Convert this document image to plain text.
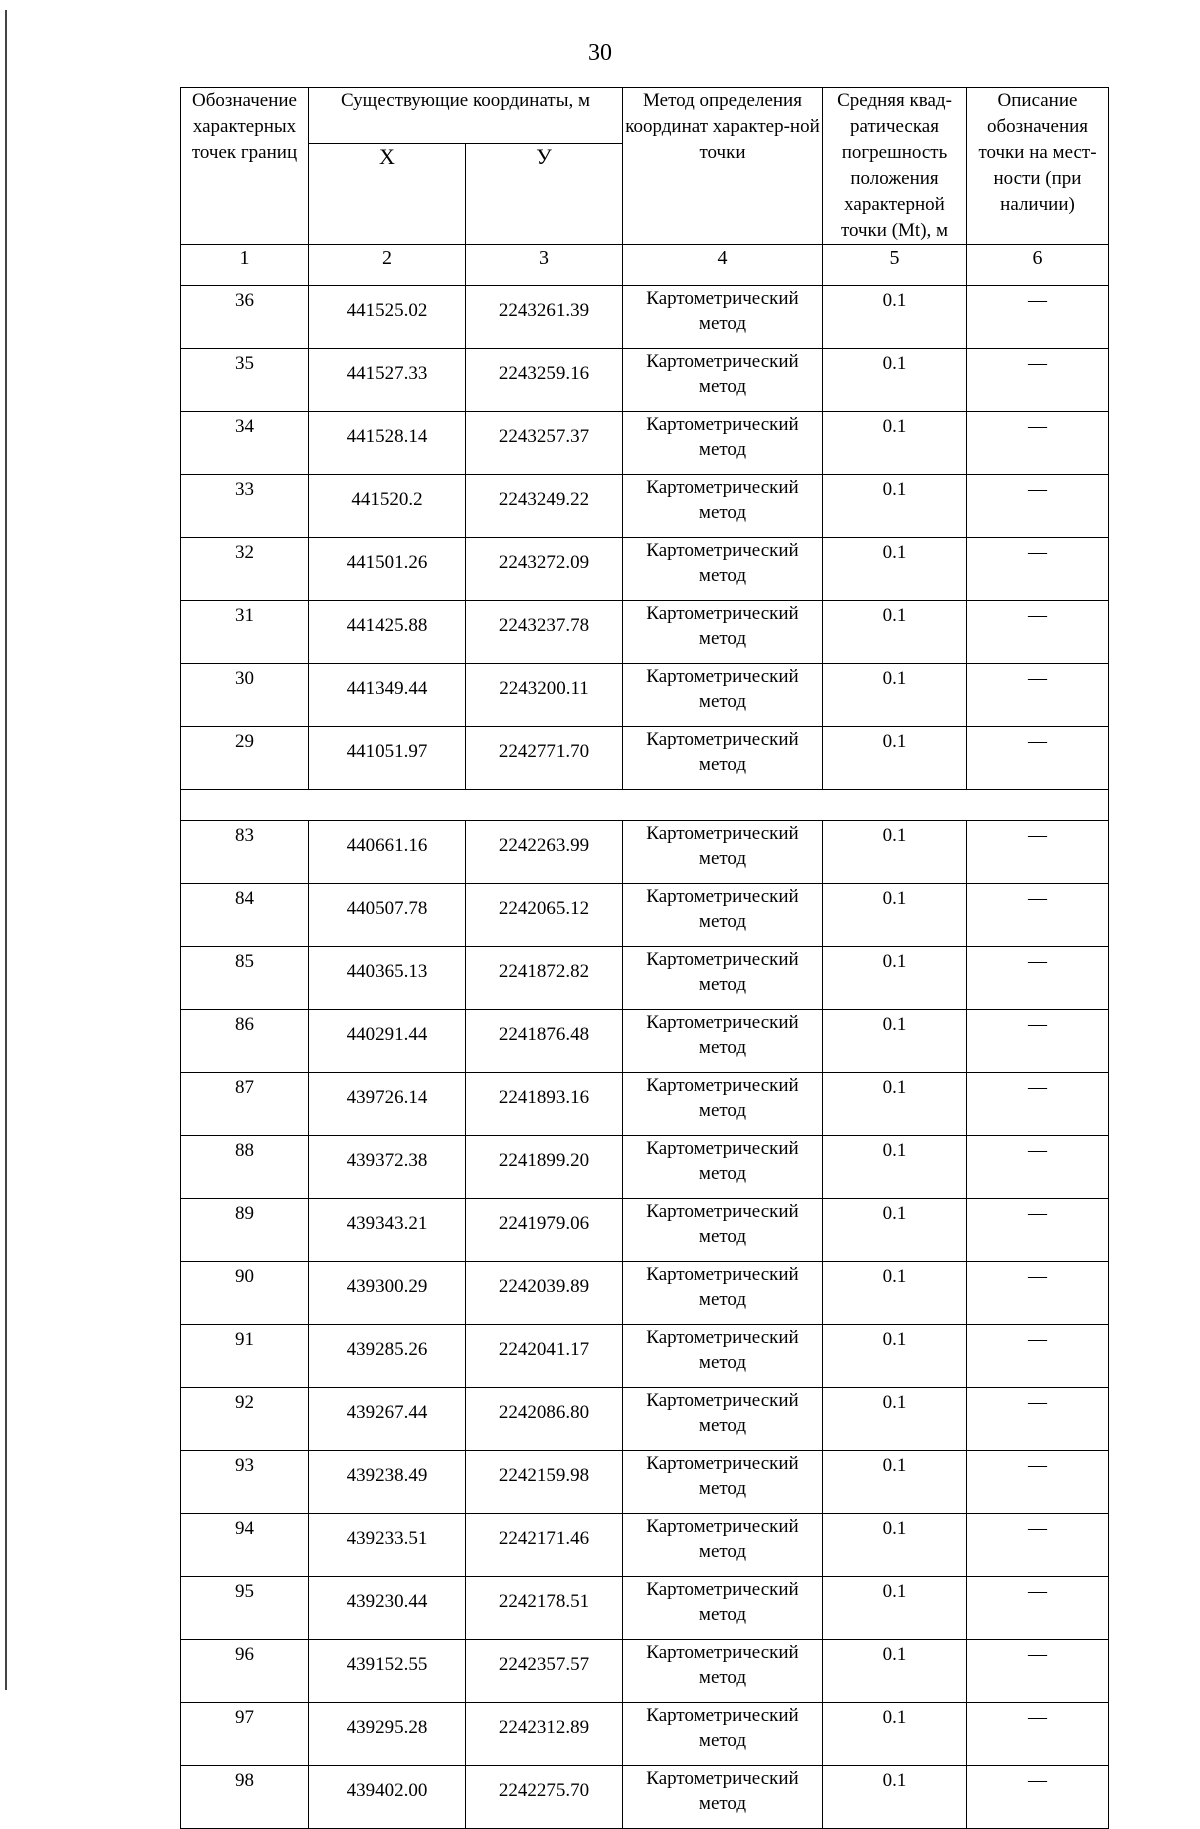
30
Обозначение характерных точек границ	Существующие координаты, м		Метод определения координат характер-ной точки	Средняя квад-ратическая погрешность положения характерной точки (Mt), м	Описание обозначения точки на мест-ности (при наличии)
	X	У			
1	2	3	4	5	6
36	441525.02	2243261.39	Картометрический метод	0.1	—
35	441527.33	2243259.16	Картометрический метод	0.1	—
34	441528.14	2243257.37	Картометрический метод	0.1	—
33	441520.2	2243249.22	Картометрический метод	0.1	—
32	441501.26	2243272.09	Картометрический метод	0.1	—
31	441425.88	2243237.78	Картометрический метод	0.1	—
30	441349.44	2243200.11	Картометрический метод	0.1	—
29	441051.97	2242771.70	Картометрический метод	0.1	—

83	440661.16	2242263.99	Картометрический метод	0.1	—
84	440507.78	2242065.12	Картометрический метод	0.1	—
85	440365.13	2241872.82	Картометрический метод	0.1	—
86	440291.44	2241876.48	Картометрический метод	0.1	—
87	439726.14	2241893.16	Картометрический метод	0.1	—
88	439372.38	2241899.20	Картометрический метод	0.1	—
89	439343.21	2241979.06	Картометрический метод	0.1	—
90	439300.29	2242039.89	Картометрический метод	0.1	—
91	439285.26	2242041.17	Картометрический метод	0.1	—
92	439267.44	2242086.80	Картометрический метод	0.1	—
93	439238.49	2242159.98	Картометрический метод	0.1	—
94	439233.51	2242171.46	Картометрический метод	0.1	—
95	439230.44	2242178.51	Картометрический метод	0.1	—
96	439152.55	2242357.57	Картометрический метод	0.1	—
97	439295.28	2242312.89	Картометрический метод	0.1	—
98	439402.00	2242275.70	Картометрический метод	0.1	—
